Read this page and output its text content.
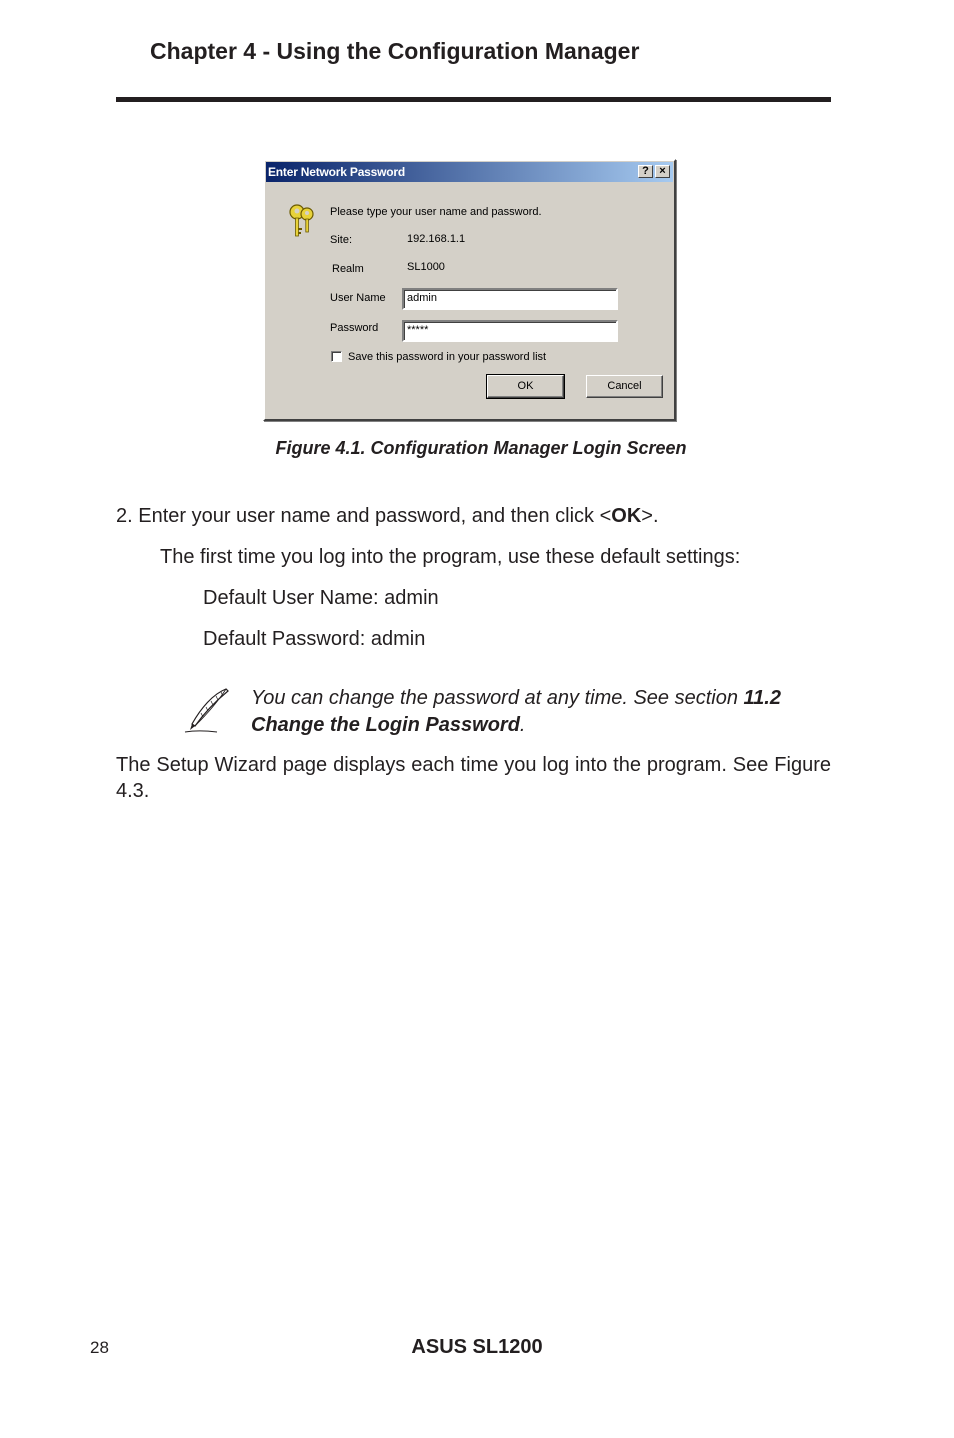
Chapter 4 - Using the Configuration Manager
Enter Network Password	? ×
Please type your user name and password.
Site:	192.168.1.1
Realm	SL1000
User Name	admin
Password	*****
Save this password in your password list
OK	Cancel
Figure 4.1. Configuration Manager Login Screen
2. Enter your user name and password, and then click <OK>.
The first time you log into the program, use these default settings:
Default User Name: admin
Default Password: admin
You can change the password at any time. See section 11.2 Change the Login Password.
The Setup Wizard page displays each time you log into the program. See Figure 4.3.
28	ASUS SL1200
